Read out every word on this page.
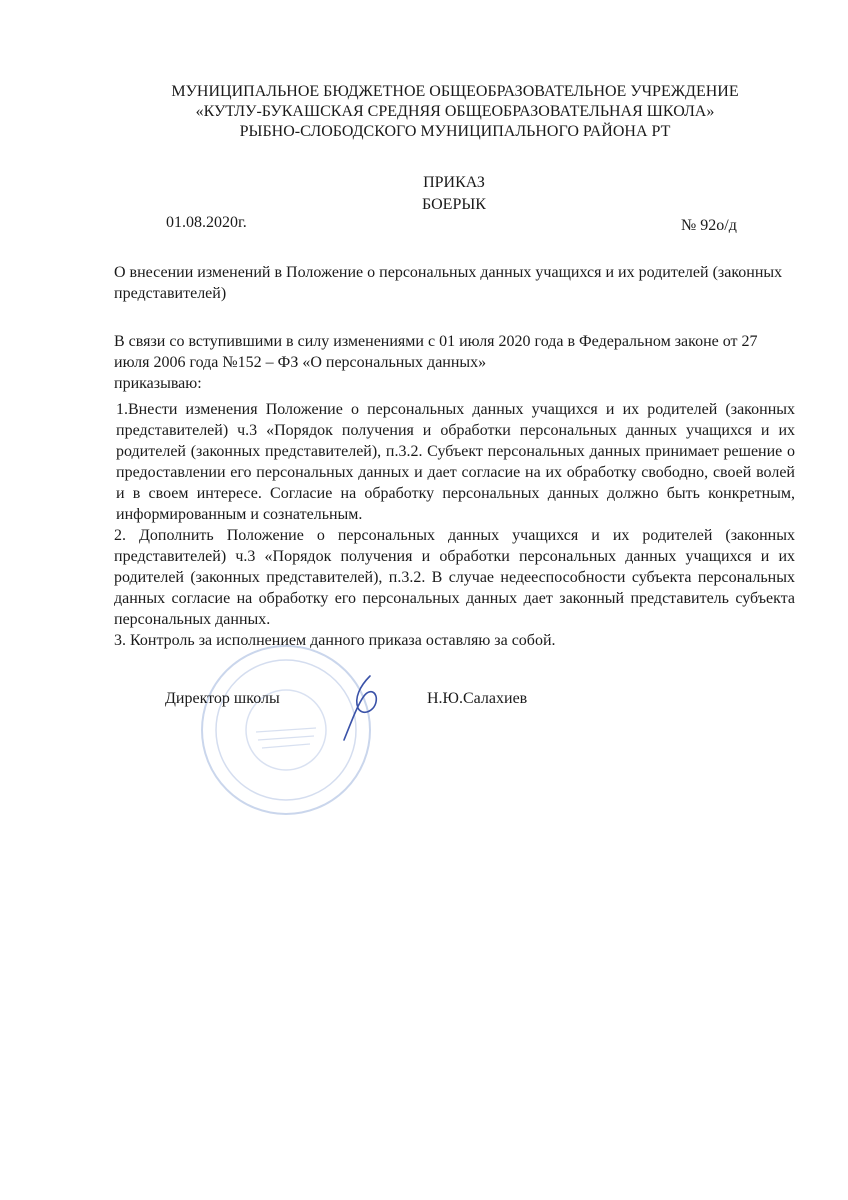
МУНИЦИПАЛЬНОЕ БЮДЖЕТНОЕ ОБЩЕОБРАЗОВАТЕЛЬНОЕ УЧРЕЖДЕНИЕ
«КУТЛУ-БУКАШСКАЯ СРЕДНЯЯ ОБЩЕОБРАЗОВАТЕЛЬНАЯ ШКОЛА»
РЫБНО-СЛОБОДСКОГО МУНИЦИПАЛЬНОГО РАЙОНА РТ
ПРИКАЗ
БОЕРЫК
01.08.2020г.	№ 92о/д
О внесении изменений в Положение о персональных данных учащихся и их родителей (законных представителей)
В связи со вступившими в силу изменениями с 01 июля 2020 года в Федеральном законе от 27 июля 2006 года №152 – ФЗ «О персональных данных»
приказываю:

1.Внести изменения Положение о персональных данных учащихся и их родителей (законных представителей) ч.3 «Порядок получения и обработки персональных данных учащихся и их родителей (законных представителей), п.3.2. Субъект персональных данных принимает решение о предоставлении его персональных данных и дает согласие на их обработку свободно, своей волей и в своем интересе. Согласие на обработку персональных данных должно быть конкретным, информированным и сознательным.

2. Дополнить Положение о персональных данных учащихся и их родителей (законных представителей) ч.3 «Порядок получения и обработки персональных данных учащихся и их родителей (законных представителей), п.3.2. В случае недееспособности субъекта персональных данных согласие на обработку его персональных данных дает законный представитель субъекта персональных данных.

3. Контроль за исполнением данного приказа оставляю за собой.

Директор школы	Н.Ю.Салахиев
